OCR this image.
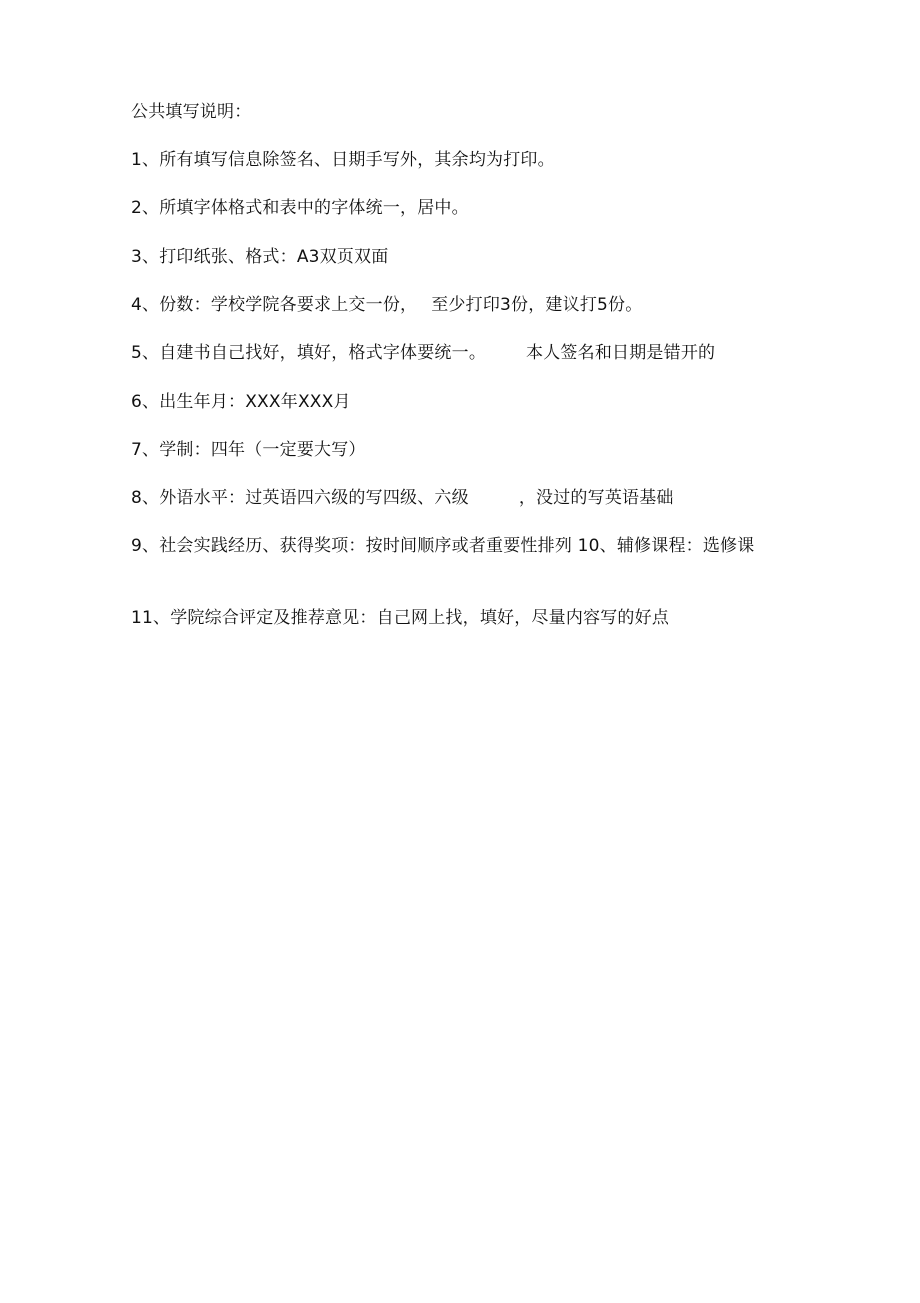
公共填写说明：

1、所有填写信息除签名、日期手写外，其余均为打印。

2、所填字体格式和表中的字体统一，居中。

3、打印纸张、格式：A3双页双面

4、份数：学校学院各要求上交一份， 至少打印3份，建议打5份。

5、自建书自己找好，填好，格式字体要统一。 本人签名和日期是错开的

6、出生年月：XXX年XXX月

7、学制：四年（一定要大写）

8、外语水平：过英语四六级的写四级、六级	，没过的写英语基础

9、社会实践经历、获得奖项：按时间顺序或者重要性排列 10、辅修课程：选修课

11、学院综合评定及推荐意见：自己网上找，填好，尽量内容写的好点
